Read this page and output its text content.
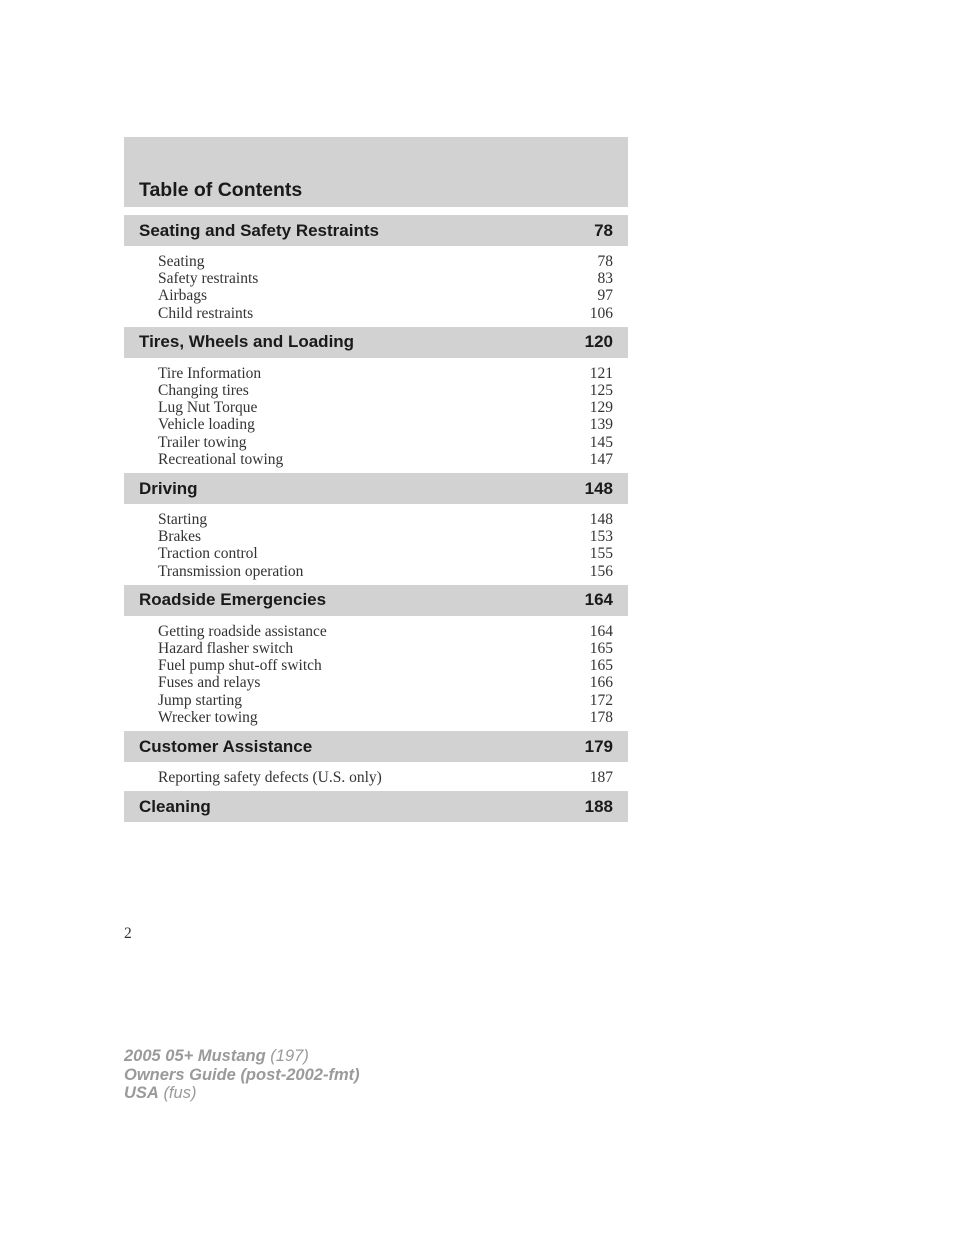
Table of Contents
Seating and Safety Restraints	78
Seating	78
Safety restraints	83
Airbags	97
Child restraints	106
Tires, Wheels and Loading	120
Tire Information	121
Changing tires	125
Lug Nut Torque	129
Vehicle loading	139
Trailer towing	145
Recreational towing	147
Driving	148
Starting	148
Brakes	153
Traction control	155
Transmission operation	156
Roadside Emergencies	164
Getting roadside assistance	164
Hazard flasher switch	165
Fuel pump shut-off switch	165
Fuses and relays	166
Jump starting	172
Wrecker towing	178
Customer Assistance	179
Reporting safety defects (U.S. only)	187
Cleaning	188
2
2005 05+ Mustang (197)
Owners Guide (post-2002-fmt)
USA (fus)
